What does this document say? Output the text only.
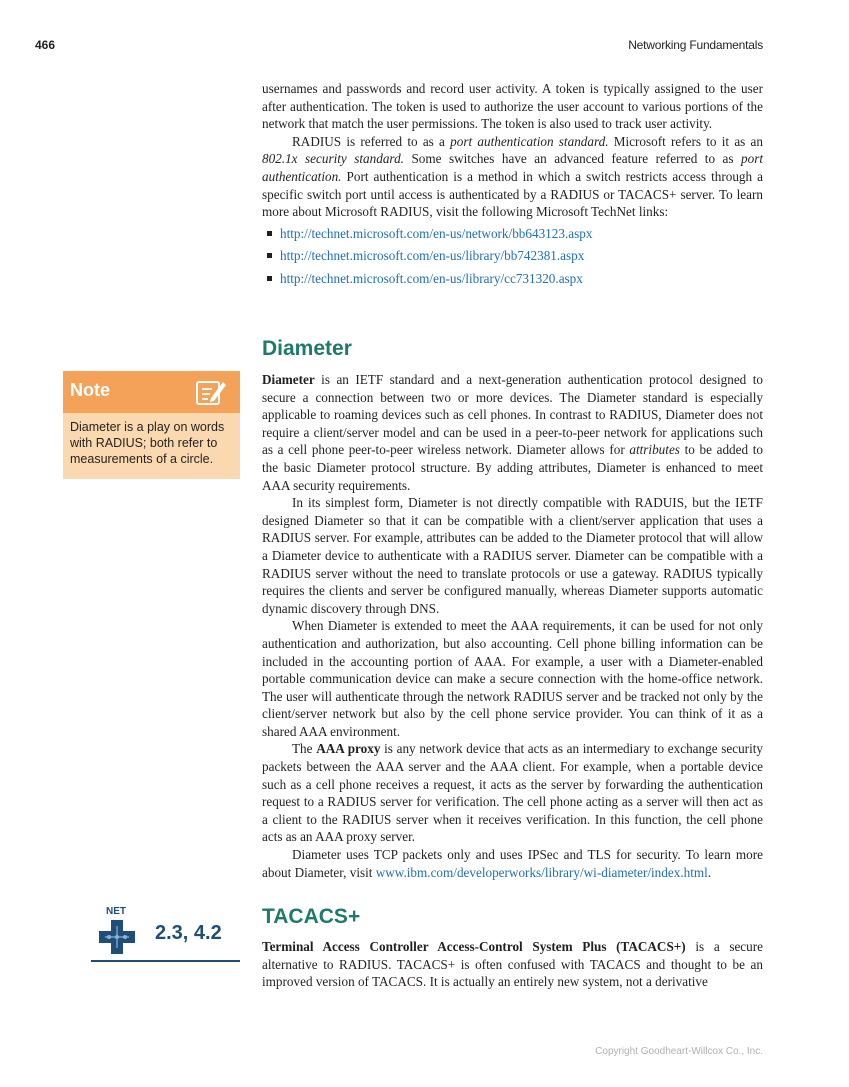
466	Networking Fundamentals

usernames and passwords and record user activity. A token is typically assigned to the user after authentication. The token is used to authorize the user account to various portions of the network that match the user permissions. The token is also used to track user activity.

RADIUS is referred to as a port authentication standard. Microsoft refers to it as an 802.1x security standard. Some switches have an advanced feature referred to as port authentication. Port authentication is a method in which a switch restricts access through a specific switch port until access is authenticated by a RADIUS or TACACS+ server. To learn more about Microsoft RADIUS, visit the following Microsoft TechNet links:

http://technet.microsoft.com/en-us/network/bb643123.aspx
http://technet.microsoft.com/en-us/library/bb742381.aspx
http://technet.microsoft.com/en-us/library/cc731320.aspx
Diameter

Diameter is an IETF standard and a next-generation authentication protocol designed to secure a connection between two or more devices. The Diameter standard is especially applicable to roaming devices such as cell phones. In contrast to RADIUS, Diameter does not require a client/server model and can be used in a peer-to-peer network for applications such as a cell phone peer-to-peer wireless network. Diameter allows for attributes to be added to the basic Diameter protocol structure. By adding attributes, Diameter is enhanced to meet AAA security requirements.

In its simplest form, Diameter is not directly compatible with RADUIS, but the IETF designed Diameter so that it can be compatible with a client/server application that uses a RADIUS server. For example, attributes can be added to the Diameter protocol that will allow a Diameter device to authenticate with a RADIUS server. Diameter can be compatible with a RADIUS server without the need to translate protocols or use a gateway. RADIUS typically requires the clients and server be configured manually, whereas Diameter supports automatic dynamic discovery through DNS.

When Diameter is extended to meet the AAA requirements, it can be used for not only authentication and authorization, but also accounting. Cell phone billing information can be included in the accounting portion of AAA. For example, a user with a Diameter-enabled portable communication device can make a secure connection with the home-office network. The user will authenticate through the network RADIUS server and be tracked not only by the client/server network but also by the cell phone service provider. You can think of it as a shared AAA environment.

The AAA proxy is any network device that acts as an intermediary to exchange security packets between the AAA server and the AAA client. For example, when a portable device such as a cell phone receives a request, it acts as the server by forwarding the authentication request to a RADIUS server for verification. The cell phone acting as a server will then act as a client to the RADIUS server when it receives verification. In this function, the cell phone acts as an AAA proxy server.

Diameter uses TCP packets only and uses IPSec and TLS for security. To learn more about Diameter, visit www.ibm.com/developerworks/library/wi-diameter/index.html.

Note
Diameter is a play on words with RADIUS; both refer to measurements of a circle.
TACACS+

Terminal Access Controller Access-Control System Plus (TACACS+) is a secure alternative to RADIUS. TACACS+ is often confused with TACACS and thought to be an improved version of TACACS. It is actually an entirely new system, not a derivative

NET
2.3, 4.2
Copyright Goodheart-Willcox Co., Inc.
